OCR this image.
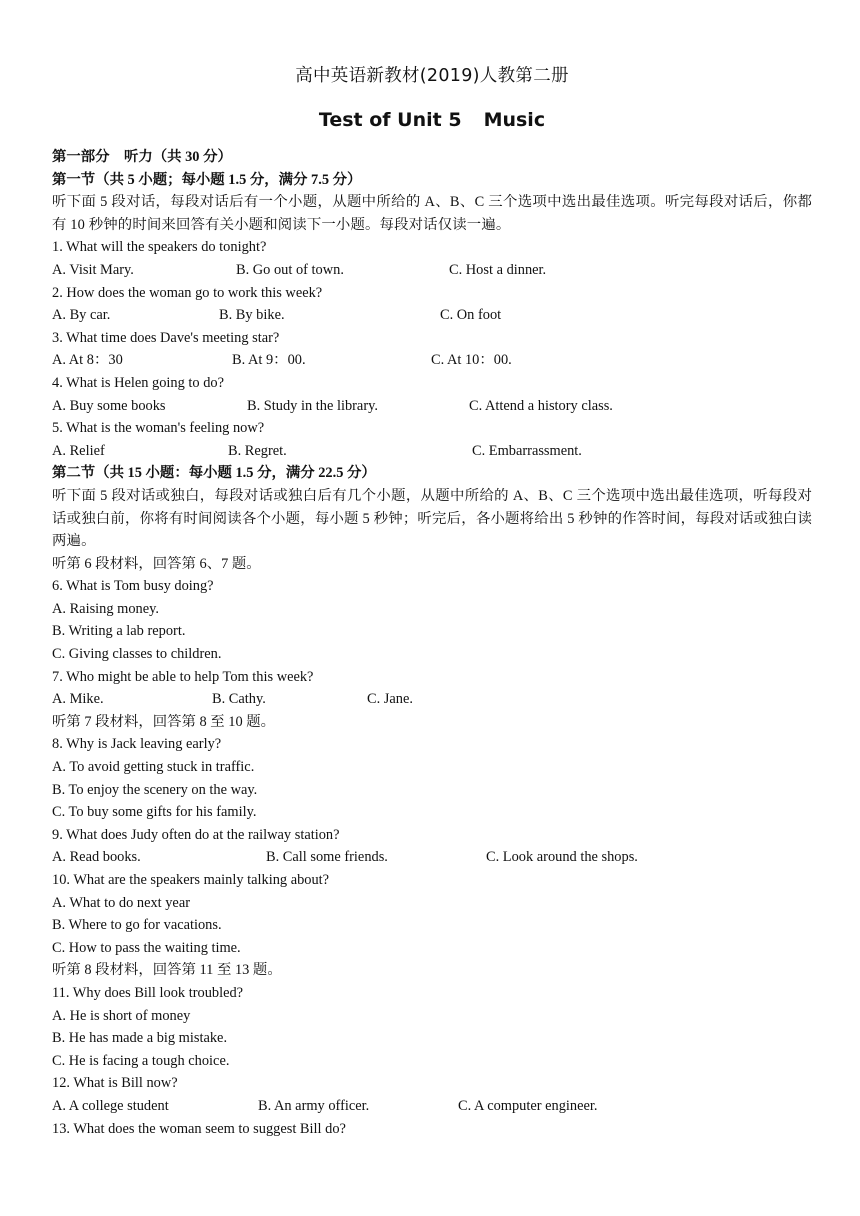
高中英语新教材(2019)人教第二册
Test of Unit 5 Music
第一部分　听力（共 30 分）
第一节（共 5 小题；每小题 1.5 分，满分 7.5 分）
听下面 5 段对话，每段对话后有一个小题，从题中所给的 A、B、C 三个选项中选出最佳选项。听完每段对话后，你都有 10 秒钟的时间来回答有关小题和阅读下一小题。每段对话仅读一遍。
1. What will the speakers do tonight?
A. Visit Mary.	B. Go out of town.	C. Host a dinner.
2. How does the woman go to work this week?
A. By car.	B. By bike.	C. On foot
3. What time does Dave's meeting star?
A. At 8：30	B. At 9：00.	C. At 10：00.
4. What is Helen going to do?
A. Buy some books	B. Study in the library.	C. Attend a history class.
5. What is the woman's feeling now?
A. Relief	B. Regret.	C. Embarrassment.
第二节（共 15 小题：每小题 1.5 分，满分 22.5 分）
听下面 5 段对话或独白，每段对话或独白后有几个小题，从题中所给的 A、B、C 三个选项中选出最佳选项，听每段对话或独白前，你将有时间阅读各个小题，每小题 5 秒钟；听完后，各小题将给出 5 秒钟的作答时间，每段对话或独白读两遍。
听第 6 段材料，回答第 6、7 题。
6. What is Tom busy doing?
A. Raising money.
B. Writing a lab report.
C. Giving classes to children.
7. Who might be able to help Tom this week?
A. Mike.	B. Cathy.	C. Jane.
听第 7 段材料，回答第 8 至 10 题。
8. Why is Jack leaving early?
A. To avoid getting stuck in traffic.
B. To enjoy the scenery on the way.
C. To buy some gifts for his family.
9. What does Judy often do at the railway station?
A. Read books.	B. Call some friends.	C. Look around the shops.
10. What are the speakers mainly talking about?
A. What to do next year
B. Where to go for vacations.
C. How to pass the waiting time.
听第 8 段材料，回答第 11 至 13 题。
11. Why does Bill look troubled?
A. He is short of money
B. He has made a big mistake.
C. He is facing a tough choice.
12. What is Bill now?
A. A college student	B. An army officer.	C. A computer engineer.
13. What does the woman seem to suggest Bill do?
